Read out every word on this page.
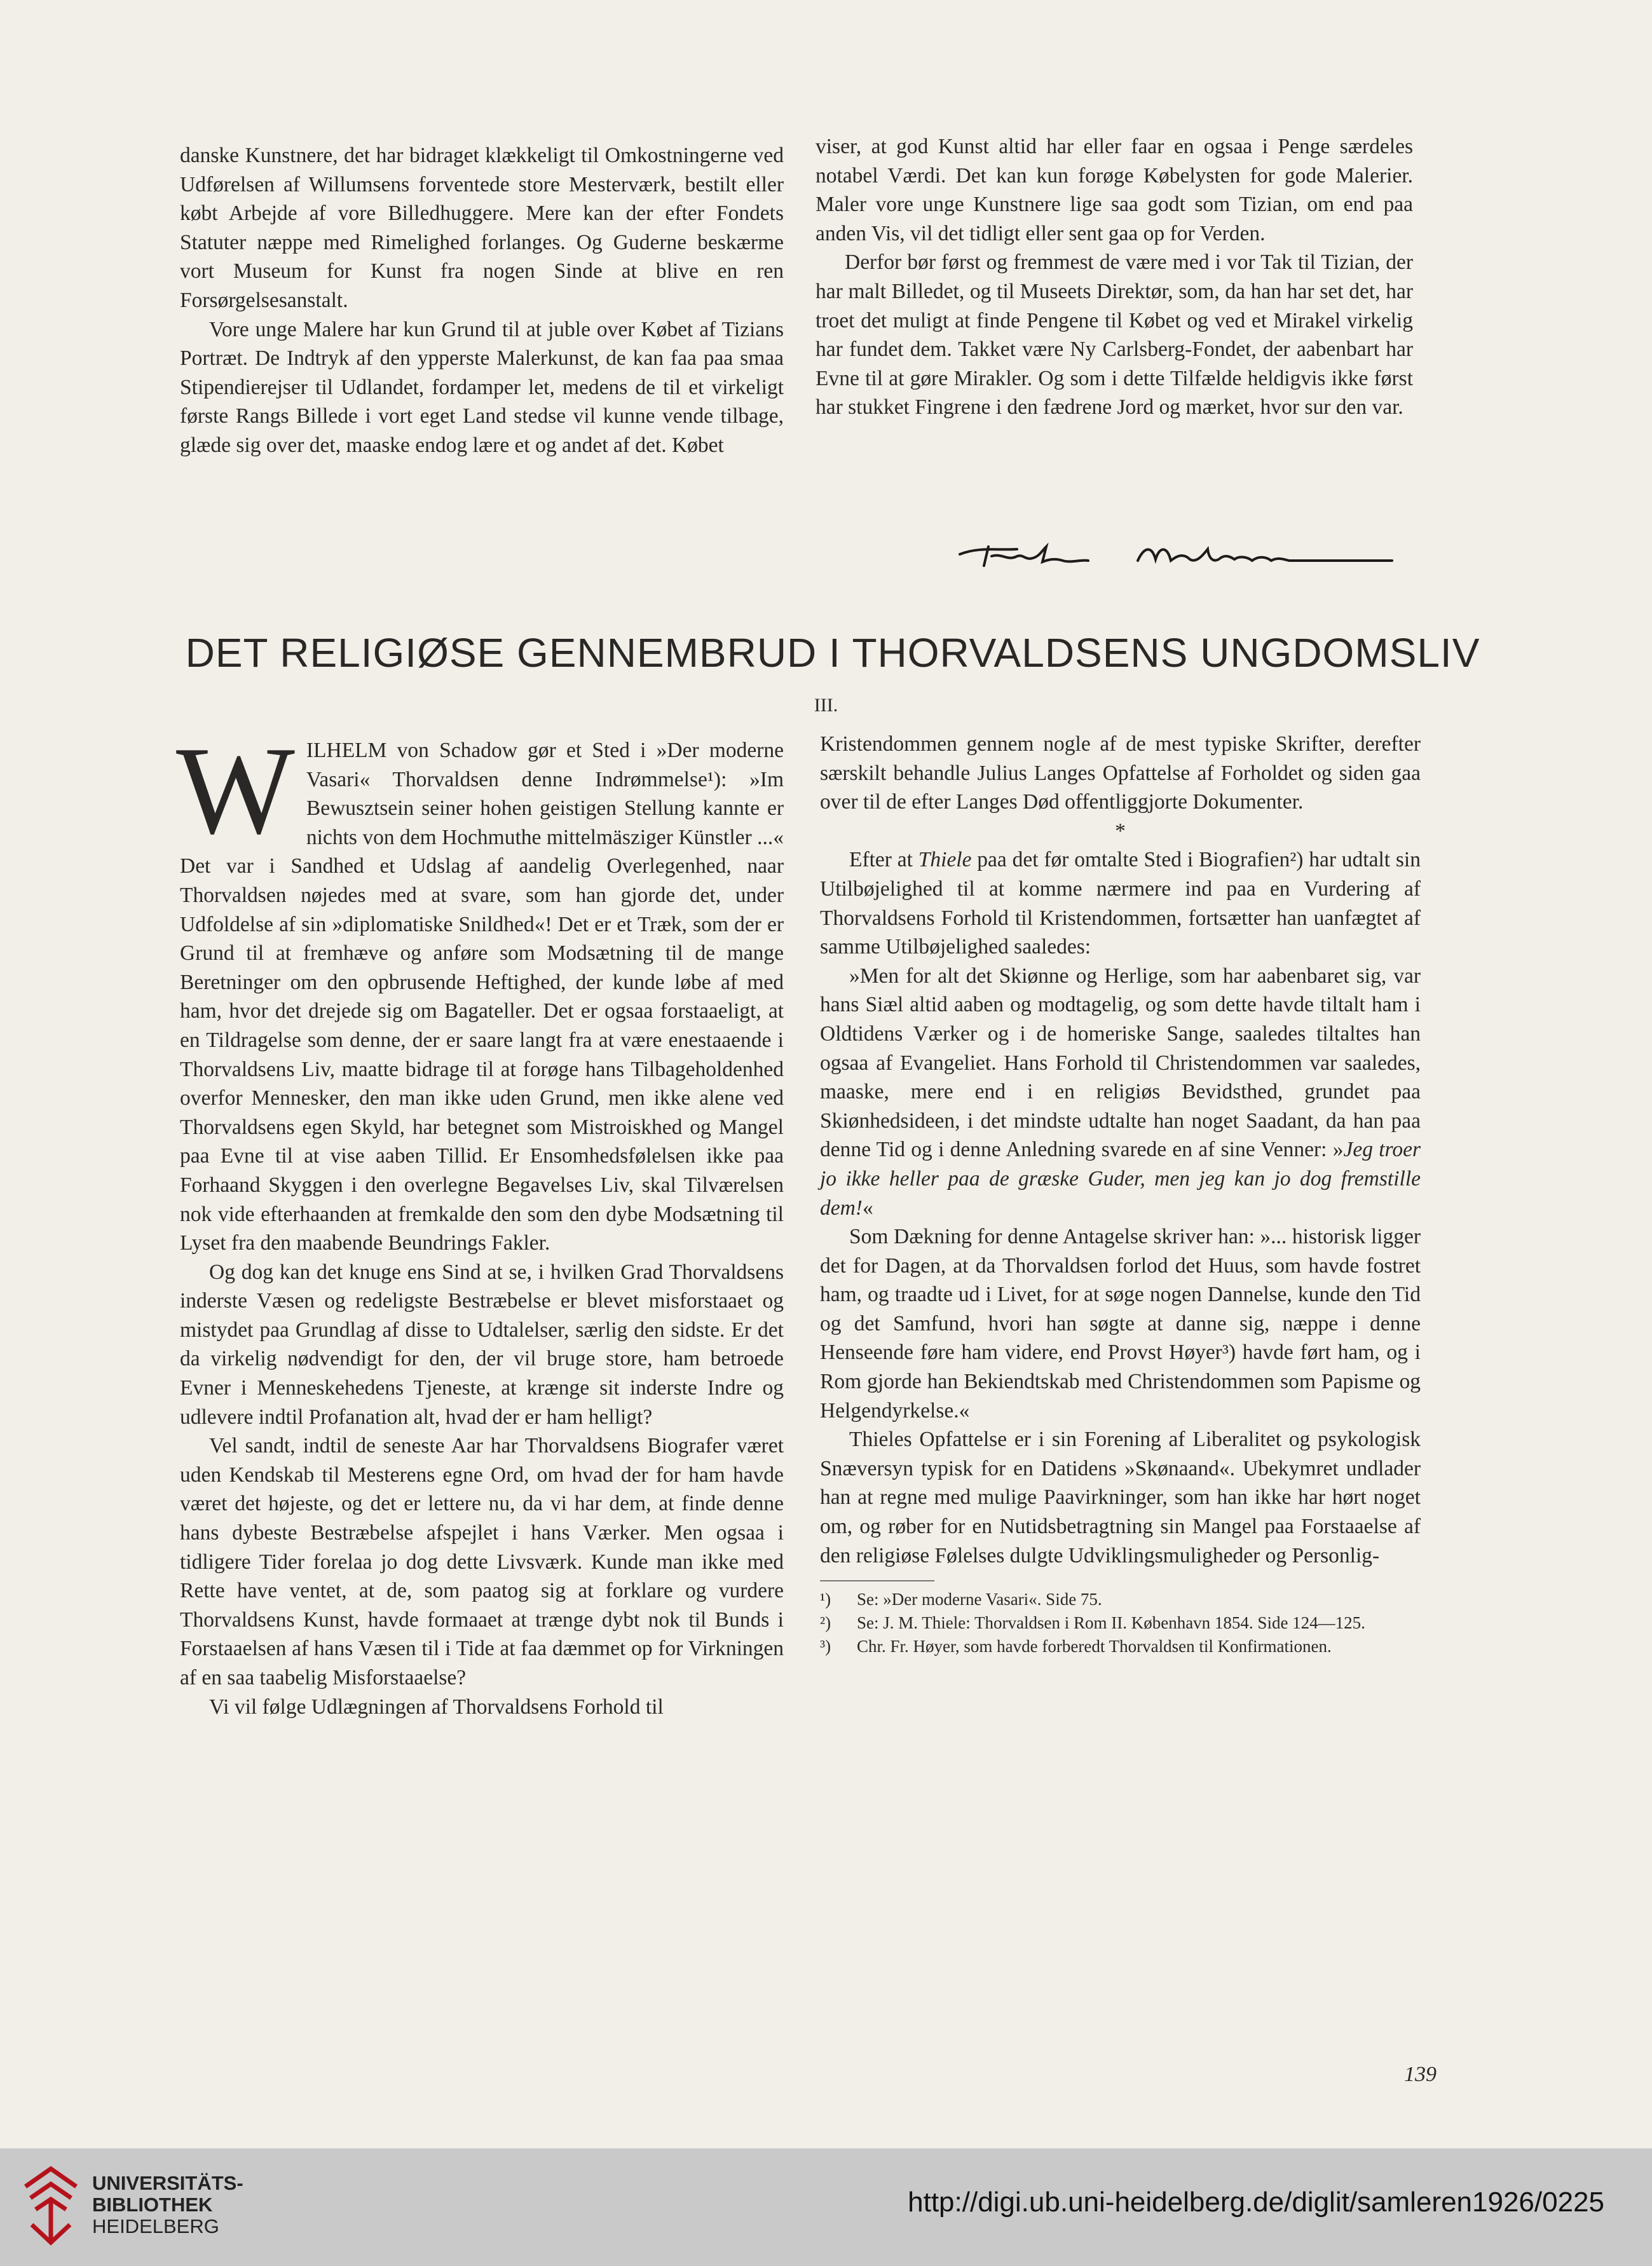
danske Kunstnere, det har bidraget klækkeligt til Omkostningerne ved Udførelsen af Willumsens forventede store Mesterværk, bestilt eller købt Arbejde af vore Billedhuggere. Mere kan der efter Fondets Statuter næppe med Rimelighed forlanges. Og Guderne beskærme vort Museum for Kunst fra nogen Sinde at blive en ren Forsørgelsesanstalt.

Vore unge Malere har kun Grund til at juble over Købet af Tizians Portræt. De Indtryk af den ypperste Malerkunst, de kan faa paa smaa Stipendierejser til Udlandet, fordamper let, medens de til et virkeligt første Rangs Billede i vort eget Land stedse vil kunne vende tilbage, glæde sig over det, maaske endog lære et og andet af det. Købet

viser, at god Kunst altid har eller faar en ogsaa i Penge særdeles notabel Værdi. Det kan kun forøge Købelysten for gode Malerier. Maler vore unge Kunstnere lige saa godt som Tizian, om end paa anden Vis, vil det tidligt eller sent gaa op for Verden.

Derfor bør først og fremmest de være med i vor Tak til Tizian, der har malt Billedet, og til Museets Direktør, som, da han har set det, har troet det muligt at finde Pengene til Købet og ved et Mirakel virkelig har fundet dem. Takket være Ny Carlsberg-Fondet, der aabenbart har Evne til at gøre Mirakler. Og som i dette Tilfælde heldigvis ikke først har stukket Fingrene i den fædrene Jord og mærket, hvor sur den var.

DET RELIGIØSE GENNEMBRUD I THORVALDSENS UNGDOMSLIV
III.

WILHELM von Schadow gør et Sted i »Der moderne Vasari« Thorvaldsen denne Indrømmelse¹): »Im Bewusztsein seiner hohen geistigen Stellung kannte er nichts von dem Hochmuthe mittelmäsziger Künstler ...« Det var i Sandhed et Udslag af aandelig Overlegenhed, naar Thorvaldsen nøjedes med at svare, som han gjorde det, under Udfoldelse af sin »diplomatiske Snildhed«! Det er et Træk, som der er Grund til at fremhæve og anføre som Modsætning til de mange Beretninger om den opbrusende Heftighed, der kunde løbe af med ham, hvor det drejede sig om Bagateller. Det er ogsaa forstaaeligt, at en Tildragelse som denne, der er saare langt fra at være enestaaende i Thorvaldsens Liv, maatte bidrage til at forøge hans Tilbageholdenhed overfor Mennesker, den man ikke uden Grund, men ikke alene ved Thorvaldsens egen Skyld, har betegnet som Mistroiskhed og Mangel paa Evne til at vise aaben Tillid. Er Ensomhedsfølelsen ikke paa Forhaand Skyggen i den overlegne Begavelses Liv, skal Tilværelsen nok vide efterhaanden at fremkalde den som den dybe Modsætning til Lyset fra den maabende Beundrings Fakler.

Og dog kan det knuge ens Sind at se, i hvilken Grad Thorvaldsens inderste Væsen og redeligste Bestræbelse er blevet misforstaaet og mistydet paa Grundlag af disse to Udtalelser, særlig den sidste. Er det da virkelig nødvendigt for den, der vil bruge store, ham betroede Evner i Menneskehedens Tjeneste, at krænge sit inderste Indre og udlevere indtil Profanation alt, hvad der er ham helligt?

Vel sandt, indtil de seneste Aar har Thorvaldsens Biografer været uden Kendskab til Mesterens egne Ord, om hvad der for ham havde været det højeste, og det er lettere nu, da vi har dem, at finde denne hans dybeste Bestræbelse afspejlet i hans Værker. Men ogsaa i tidligere Tider forelaa jo dog dette Livsværk. Kunde man ikke med Rette have ventet, at de, som paatog sig at forklare og vurdere Thorvaldsens Kunst, havde formaaet at trænge dybt nok til Bunds i Forstaaelsen af hans Væsen til i Tide at faa dæmmet op for Virkningen af en saa taabelig Misforstaaelse?

Vi vil følge Udlægningen af Thorvaldsens Forhold til

Kristendommen gennem nogle af de mest typiske Skrifter, derefter særskilt behandle Julius Langes Opfattelse af Forholdet og siden gaa over til de efter Langes Død offentliggjorte Dokumenter.

*

Efter at Thiele paa det før omtalte Sted i Biografien²) har udtalt sin Utilbøjelighed til at komme nærmere ind paa en Vurdering af Thorvaldsens Forhold til Kristendommen, fortsætter han uanfægtet af samme Utilbøjelighed saaledes:

»Men for alt det Skiønne og Herlige, som har aabenbaret sig, var hans Siæl altid aaben og modtagelig, og som dette havde tiltalt ham i Oldtidens Værker og i de homeriske Sange, saaledes tiltaltes han ogsaa af Evangeliet. Hans Forhold til Christendommen var saaledes, maaske, mere end i en religiøs Bevidsthed, grundet paa Skiønhedsideen, i det mindste udtalte han noget Saadant, da han paa denne Tid og i denne Anledning svarede en af sine Venner: »Jeg troer jo ikke heller paa de græske Guder, men jeg kan jo dog fremstille dem!«

Som Dækning for denne Antagelse skriver han: »... historisk ligger det for Dagen, at da Thorvaldsen forlod det Huus, som havde fostret ham, og traadte ud i Livet, for at søge nogen Dannelse, kunde den Tid og det Samfund, hvori han søgte at danne sig, næppe i denne Henseende føre ham videre, end Provst Høyer³) havde ført ham, og i Rom gjorde han Bekiendtskab med Christendommen som Papisme og Helgendyrkelse.«

Thieles Opfattelse er i sin Forening af Liberalitet og psykologisk Snæversyn typisk for en Datidens »Skønaand«. Ubekymret undlader han at regne med mulige Paavirkninger, som han ikke har hørt noget om, og røber for en Nutidsbetragtning sin Mangel paa Forstaaelse af den religiøse Følelses dulgte Udviklingsmuligheder og Personlig-

¹)	Se: »Der moderne Vasari«. Side 75.

²)	Se: J. M. Thiele: Thorvaldsen i Rom II. København 1854. Side 124—125.

³)	Chr. Fr. Høyer, som havde forberedt Thorvaldsen til Konfirmationen.

139
UNIVERSITÄTS-
BIBLIOTHEK
HEIDELBERG
http://digi.ub.uni-heidelberg.de/diglit/samleren1926/0225
